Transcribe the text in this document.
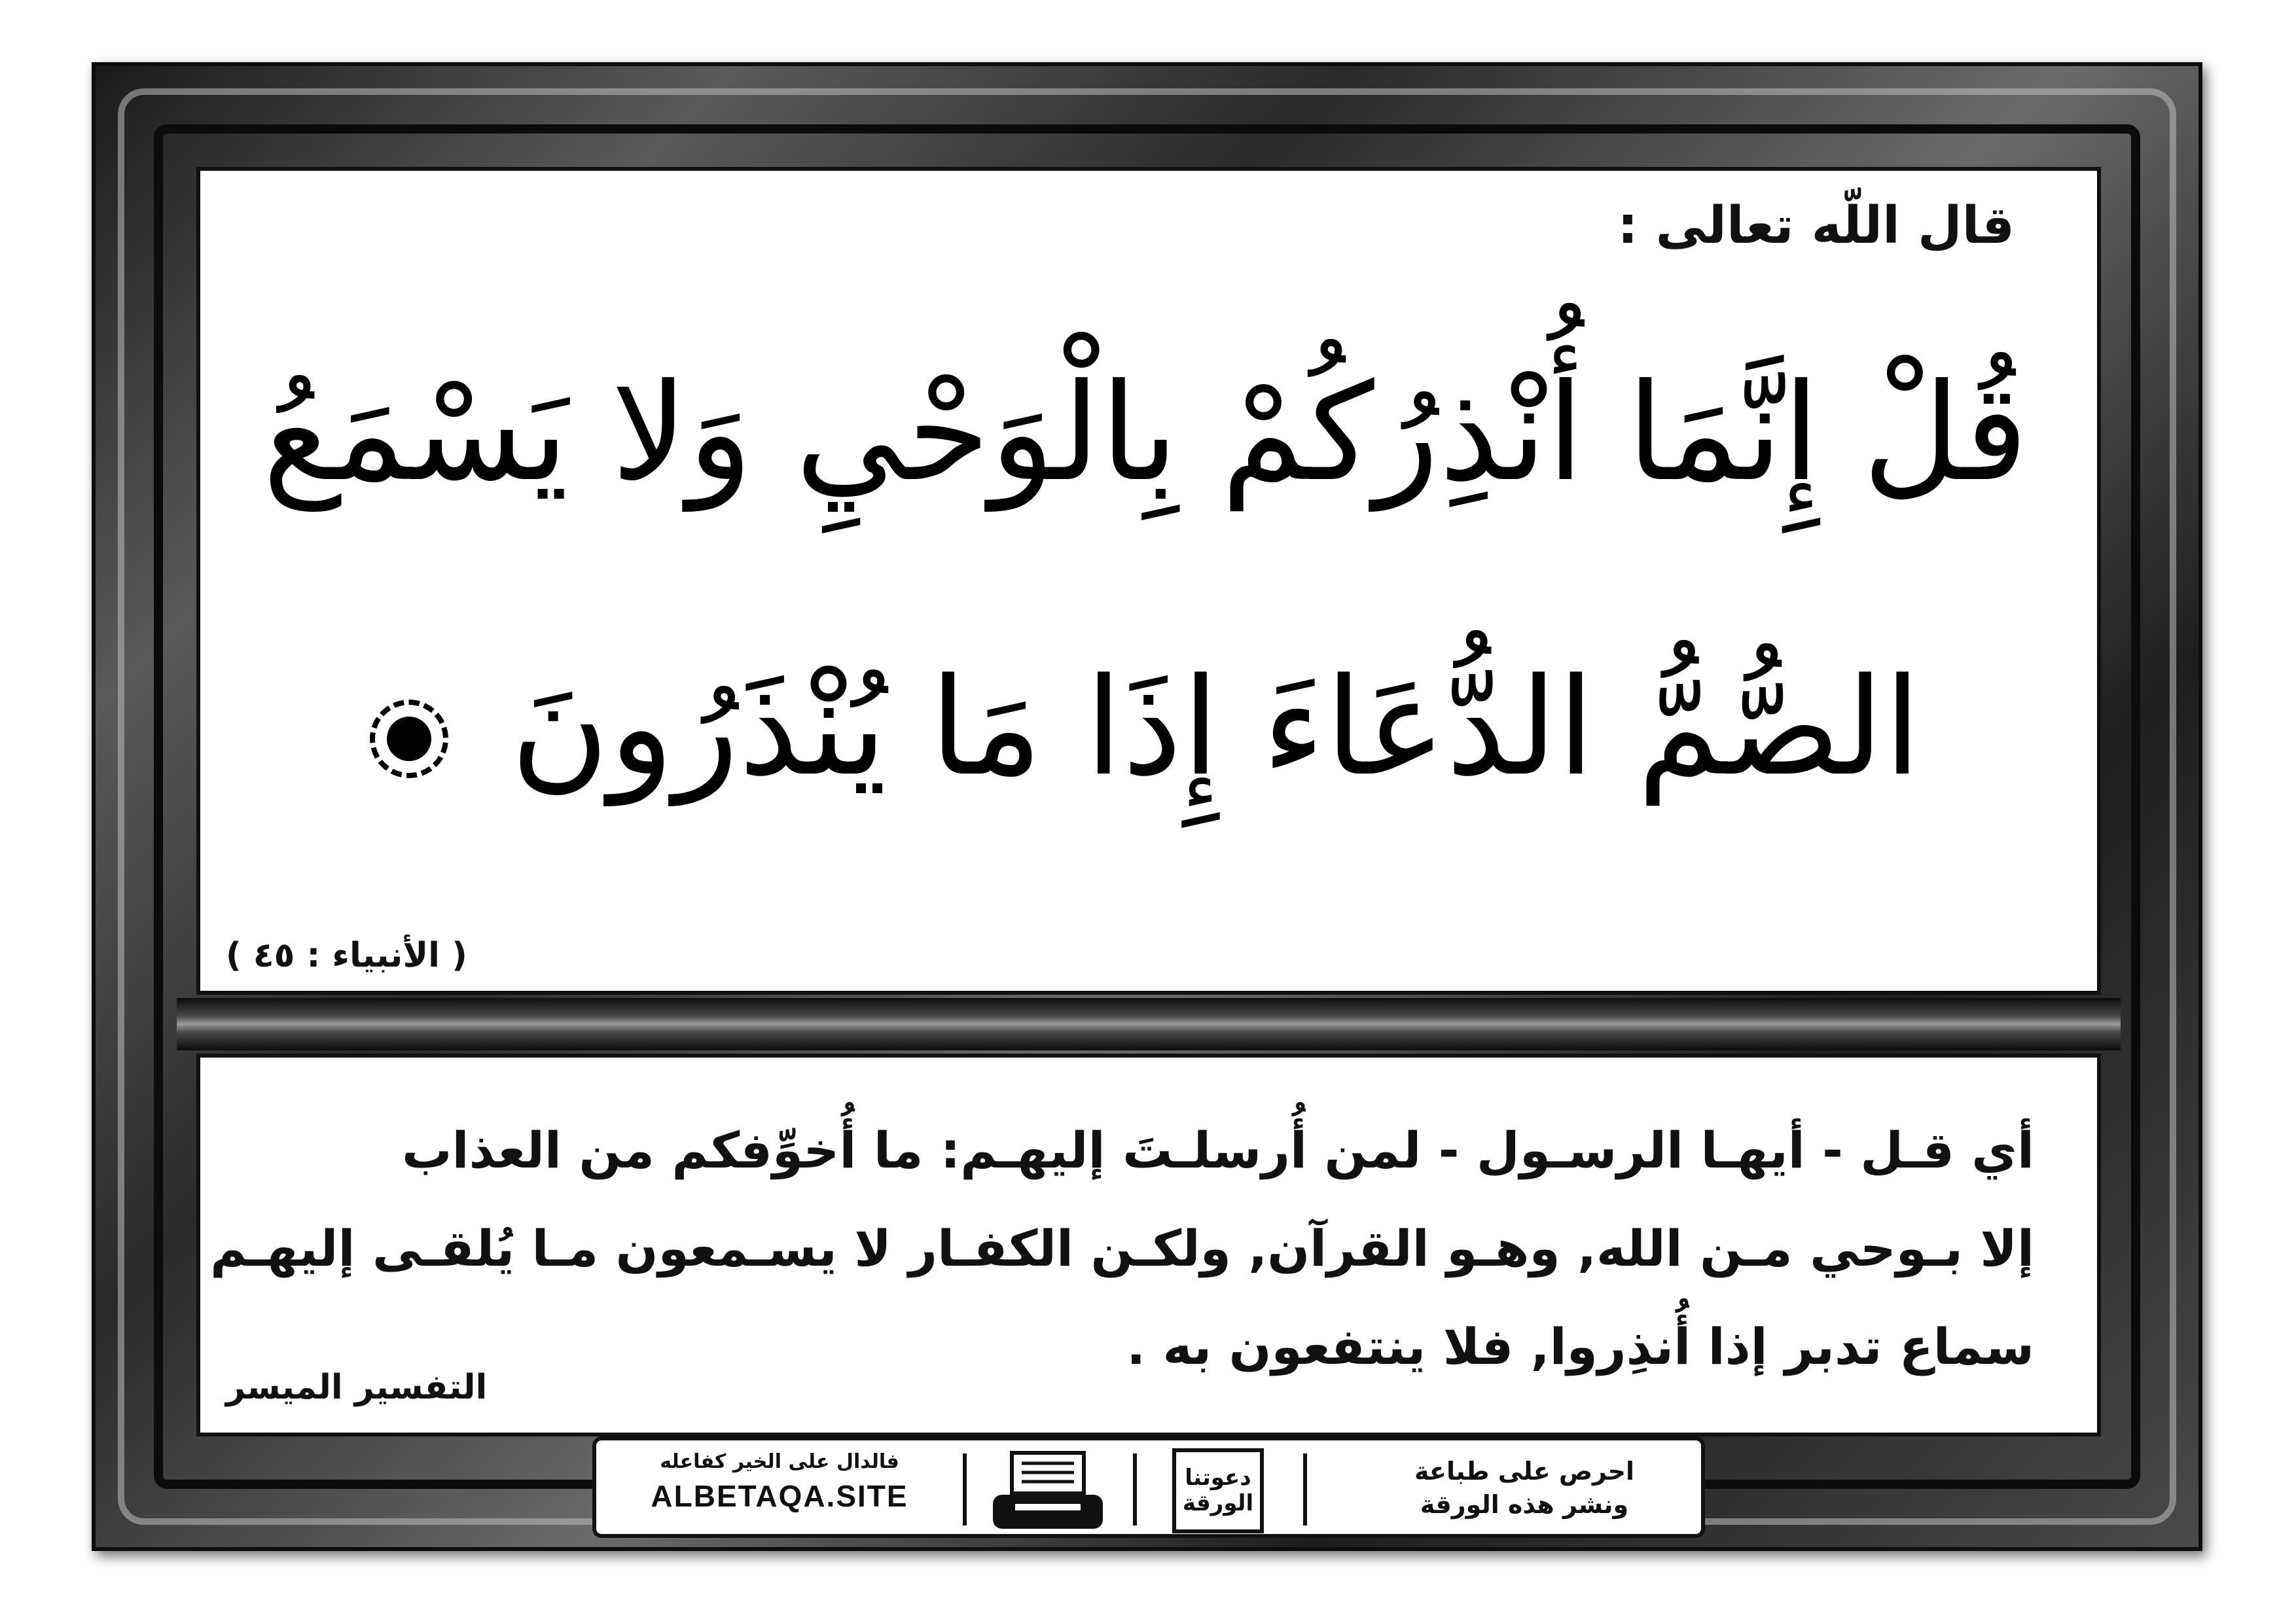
قال اللّه تعالى :
قُلْ إِنَّمَا أُنْذِرُكُمْ بِالْوَحْيِ وَلا يَسْمَعُ
الصُّمُّ الدُّعَاءَ إِذَا مَا يُنْذَرُونَ
( الأنبياء : ٤٥ )
أي قـل - أيهـا الرسـول - لمن أُرسلـتَ إليهـم: ما أُخوِّفكم من العذاب
إلا بـوحي مـن الله, وهـو القرآن, ولكـن الكفـار لا يسـمعون مـا يُلقـى إليهـم
سماع تدبر إذا أُنذِروا, فلا ينتفعون به .
التفسير الميسر
فالدال على الخير كفاعله
ALBETAQA.SITE
دعوتنا
الورقة
احرص على طباعة
ونشر هذه الورقة
